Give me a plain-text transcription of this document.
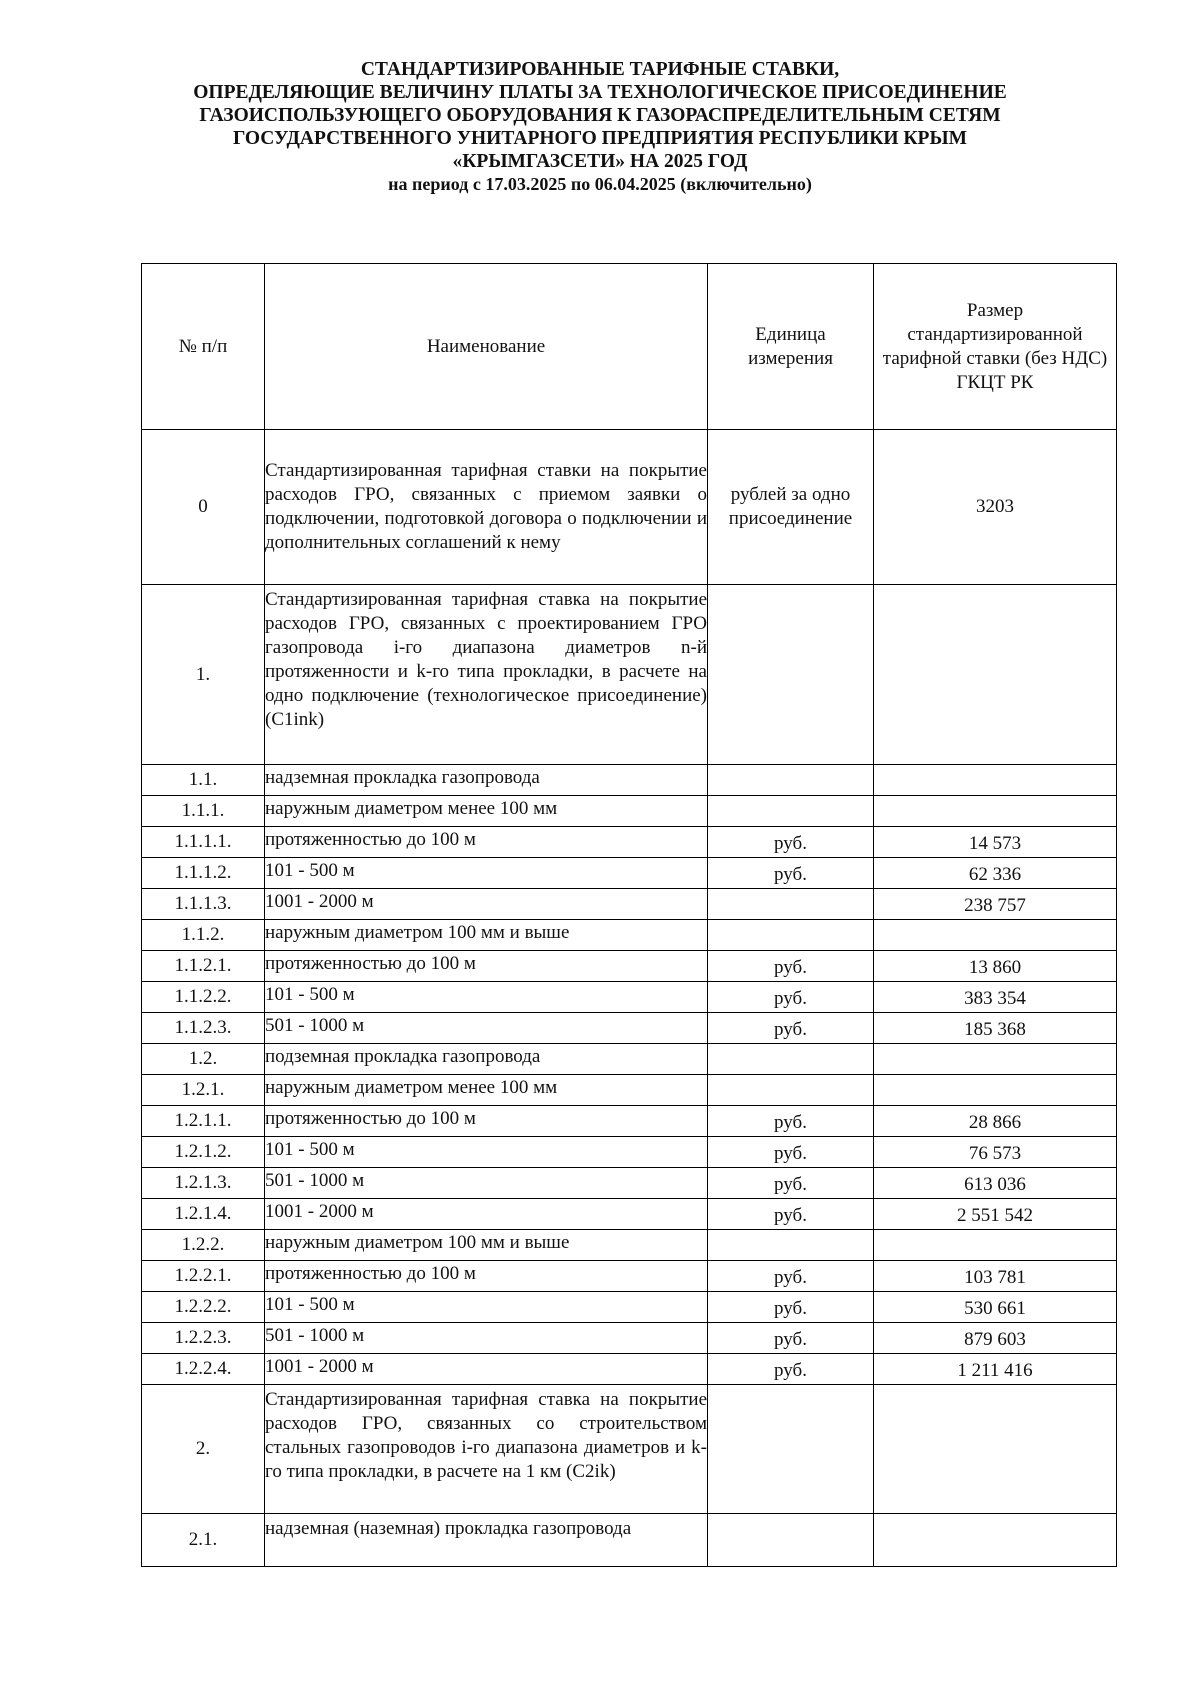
СТАНДАРТИЗИРОВАННЫЕ ТАРИФНЫЕ СТАВКИ,
ОПРЕДЕЛЯЮЩИЕ ВЕЛИЧИНУ ПЛАТЫ ЗА ТЕХНОЛОГИЧЕСКОЕ ПРИСОЕДИНЕНИЕ
ГАЗОИСПОЛЬЗУЮЩЕГО ОБОРУДОВАНИЯ К ГАЗОРАСПРЕДЕЛИТЕЛЬНЫМ СЕТЯМ
ГОСУДАРСТВЕННОГО УНИТАРНОГО ПРЕДПРИЯТИЯ РЕСПУБЛИКИ КРЫМ
«КРЫМГАЗСЕТИ» НА 2025 ГОД
на период с 17.03.2025 по 06.04.2025 (включительно)
№ п/п	Наименование	Единица измерения	Размер стандартизированной тарифной ставки (без НДС) ГКЦТ РК
0	Стандартизированная тарифная ставки на покрытие расходов ГРО, связанных с приемом заявки о подключении, подготовкой договора о подключении и дополнительных соглашений к нему	рублей за одно присоединение	3203
1.	Стандартизированная тарифная ставка на покрытие расходов ГРО, связанных с проектированием ГРО газопровода i-го диапазона диаметров n-й протяженности и k-го типа прокладки, в расчете на одно подключение (технологическое присоединение) (C1ink)		
1.1.	надземная прокладка газопровода		
1.1.1.	наружным диаметром менее 100 мм		
1.1.1.1.	протяженностью до 100 м	руб.	14 573
1.1.1.2.	101 - 500 м	руб.	62 336
1.1.1.3.	1001 - 2000 м		238 757
1.1.2.	наружным диаметром 100 мм и выше		
1.1.2.1.	протяженностью до 100 м	руб.	13 860
1.1.2.2.	101 - 500 м	руб.	383 354
1.1.2.3.	501 - 1000 м	руб.	185 368
1.2.	подземная прокладка газопровода		
1.2.1.	наружным диаметром менее 100 мм		
1.2.1.1.	протяженностью до 100 м	руб.	28 866
1.2.1.2.	101 - 500 м	руб.	76 573
1.2.1.3.	501 - 1000 м	руб.	613 036
1.2.1.4.	1001 - 2000 м	руб.	2 551 542
1.2.2.	наружным диаметром 100 мм и выше		
1.2.2.1.	протяженностью до 100 м	руб.	103 781
1.2.2.2.	101 - 500 м	руб.	530 661
1.2.2.3.	501 - 1000 м	руб.	879 603
1.2.2.4.	1001 - 2000 м	руб.	1 211 416
2.	Стандартизированная тарифная ставка на покрытие расходов ГРО, связанных со строительством стальных газопроводов i-го диапазона диаметров и k-го типа прокладки, в расчете на 1 км (C2ik)		
2.1.	надземная (наземная) прокладка газопровода		
